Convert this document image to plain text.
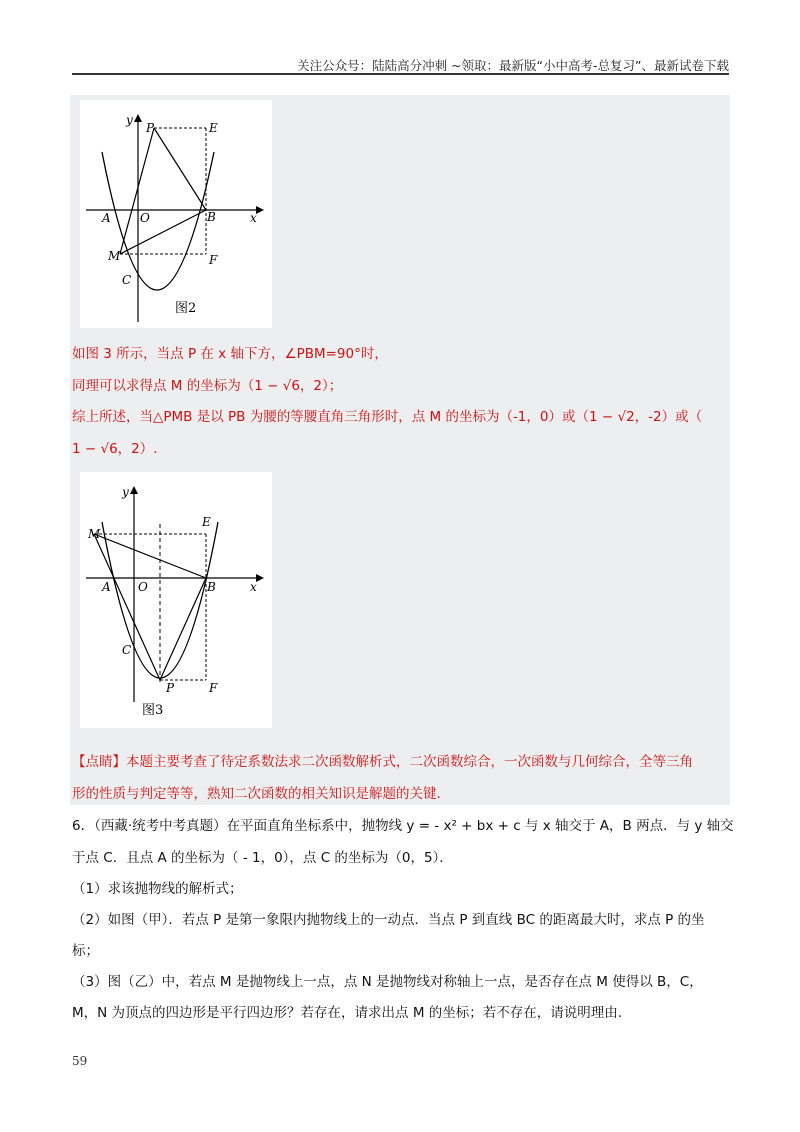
关注公众号：陆陆高分冲刺 ~领取：最新版“小中高考-总复习”、最新试卷下载
y
x
O
A	B
P	E
M	F
C
图2
如图 3 所示，当点 P 在 x 轴下方，∠PBM=90°时，
同理可以求得点 M 的坐标为（1 − √6，2）；
综上所述，当△PMB 是以 PB 为腰的等腰直角三角形时，点 M 的坐标为（-1，0）或（1 − √2，-2）或（
1 − √6，2）.
y
x
O
A	B
M
E
C
P	F
图3
【点睛】本题主要考查了待定系数法求二次函数解析式，二次函数综合，一次函数与几何综合，全等三角
形的性质与判定等等，熟知二次函数的相关知识是解题的关键.
6．（西藏·统考中考真题）在平面直角坐标系中，抛物线 y = - x² + bx + c 与 x 轴交于 A，B 两点．与 y 轴交
于点 C．且点 A 的坐标为（ - 1，0），点 C 的坐标为（0，5）．
（1）求该抛物线的解析式；
（2）如图（甲）．若点 P 是第一象限内抛物线上的一动点．当点 P 到直线 BC 的距离最大时，求点 P 的坐
标；
（3）图（乙）中，若点 M 是抛物线上一点，点 N 是抛物线对称轴上一点，是否存在点 M 使得以 B，C，
M，N 为顶点的四边形是平行四边形？若存在，请求出点 M 的坐标；若不存在，请说明理由.
59
